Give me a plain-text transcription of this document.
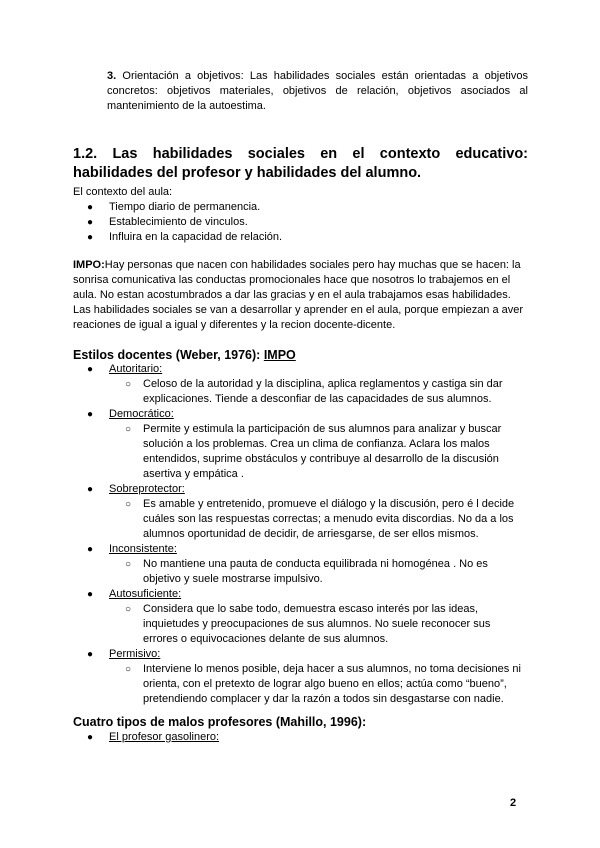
3. Orientación a objetivos: Las habilidades sociales están orientadas a objetivos concretos: objetivos materiales, objetivos de relación, objetivos asociados al mantenimiento de la autoestima.
1.2. Las habilidades sociales en el contexto educativo: habilidades del profesor y habilidades del alumno.
El contexto del aula:
● Tiempo diario de permanencia.
● Establecimiento de vinculos.
● Influira en la capacidad de relación.
IMPO:Hay personas que nacen con habilidades sociales pero hay muchas que se hacen: la sonrisa comunicativa las conductas promocionales hace que nosotros lo trabajemos en el aula. No estan acostumbrados a dar las gracias y en el aula trabajamos esas habilidades. Las habilidades sociales se van a desarrollar y aprender en el aula, porque empiezan a aver reaciones de igual a igual y diferentes y la recion docente-dicente.
Estilos docentes (Weber, 1976): IMPO
● Autoritario:
○ Celoso de la autoridad y la disciplina, aplica reglamentos y castiga sin dar explicaciones. Tiende a desconfiar de las capacidades de sus alumnos.
● Democrático:
○ Permite y estimula la participación de sus alumnos para analizar y buscar solución a los problemas. Crea un clima de confianza. Aclara los malos entendidos, suprime obstáculos y contribuye al desarrollo de la discusión asertiva y empática .
● Sobreprotector:
○ Es amable y entretenido, promueve el diálogo y la discusión, pero é l decide cuáles son las respuestas correctas; a menudo evita discordias. No da a los alumnos oportunidad de decidir, de arriesgarse, de ser ellos mismos.
● Inconsistente:
○ No mantiene una pauta de conducta equilibrada ni homogénea . No es objetivo y suele mostrarse impulsivo.
● Autosuficiente:
○ Considera que lo sabe todo, demuestra escaso interés por las ideas, inquietudes y preocupaciones de sus alumnos. No suele reconocer sus errores o equivocaciones delante de sus alumnos.
● Permisivo:
○ Interviene lo menos posible, deja hacer a sus alumnos, no toma decisiones ni orienta, con el pretexto de lograr algo bueno en ellos; actúa como “bueno”, pretendiendo complacer y dar la razón a todos sin desgastarse con nadie.
Cuatro tipos de malos profesores (Mahillo, 1996):
● El profesor gasolinero:
2
